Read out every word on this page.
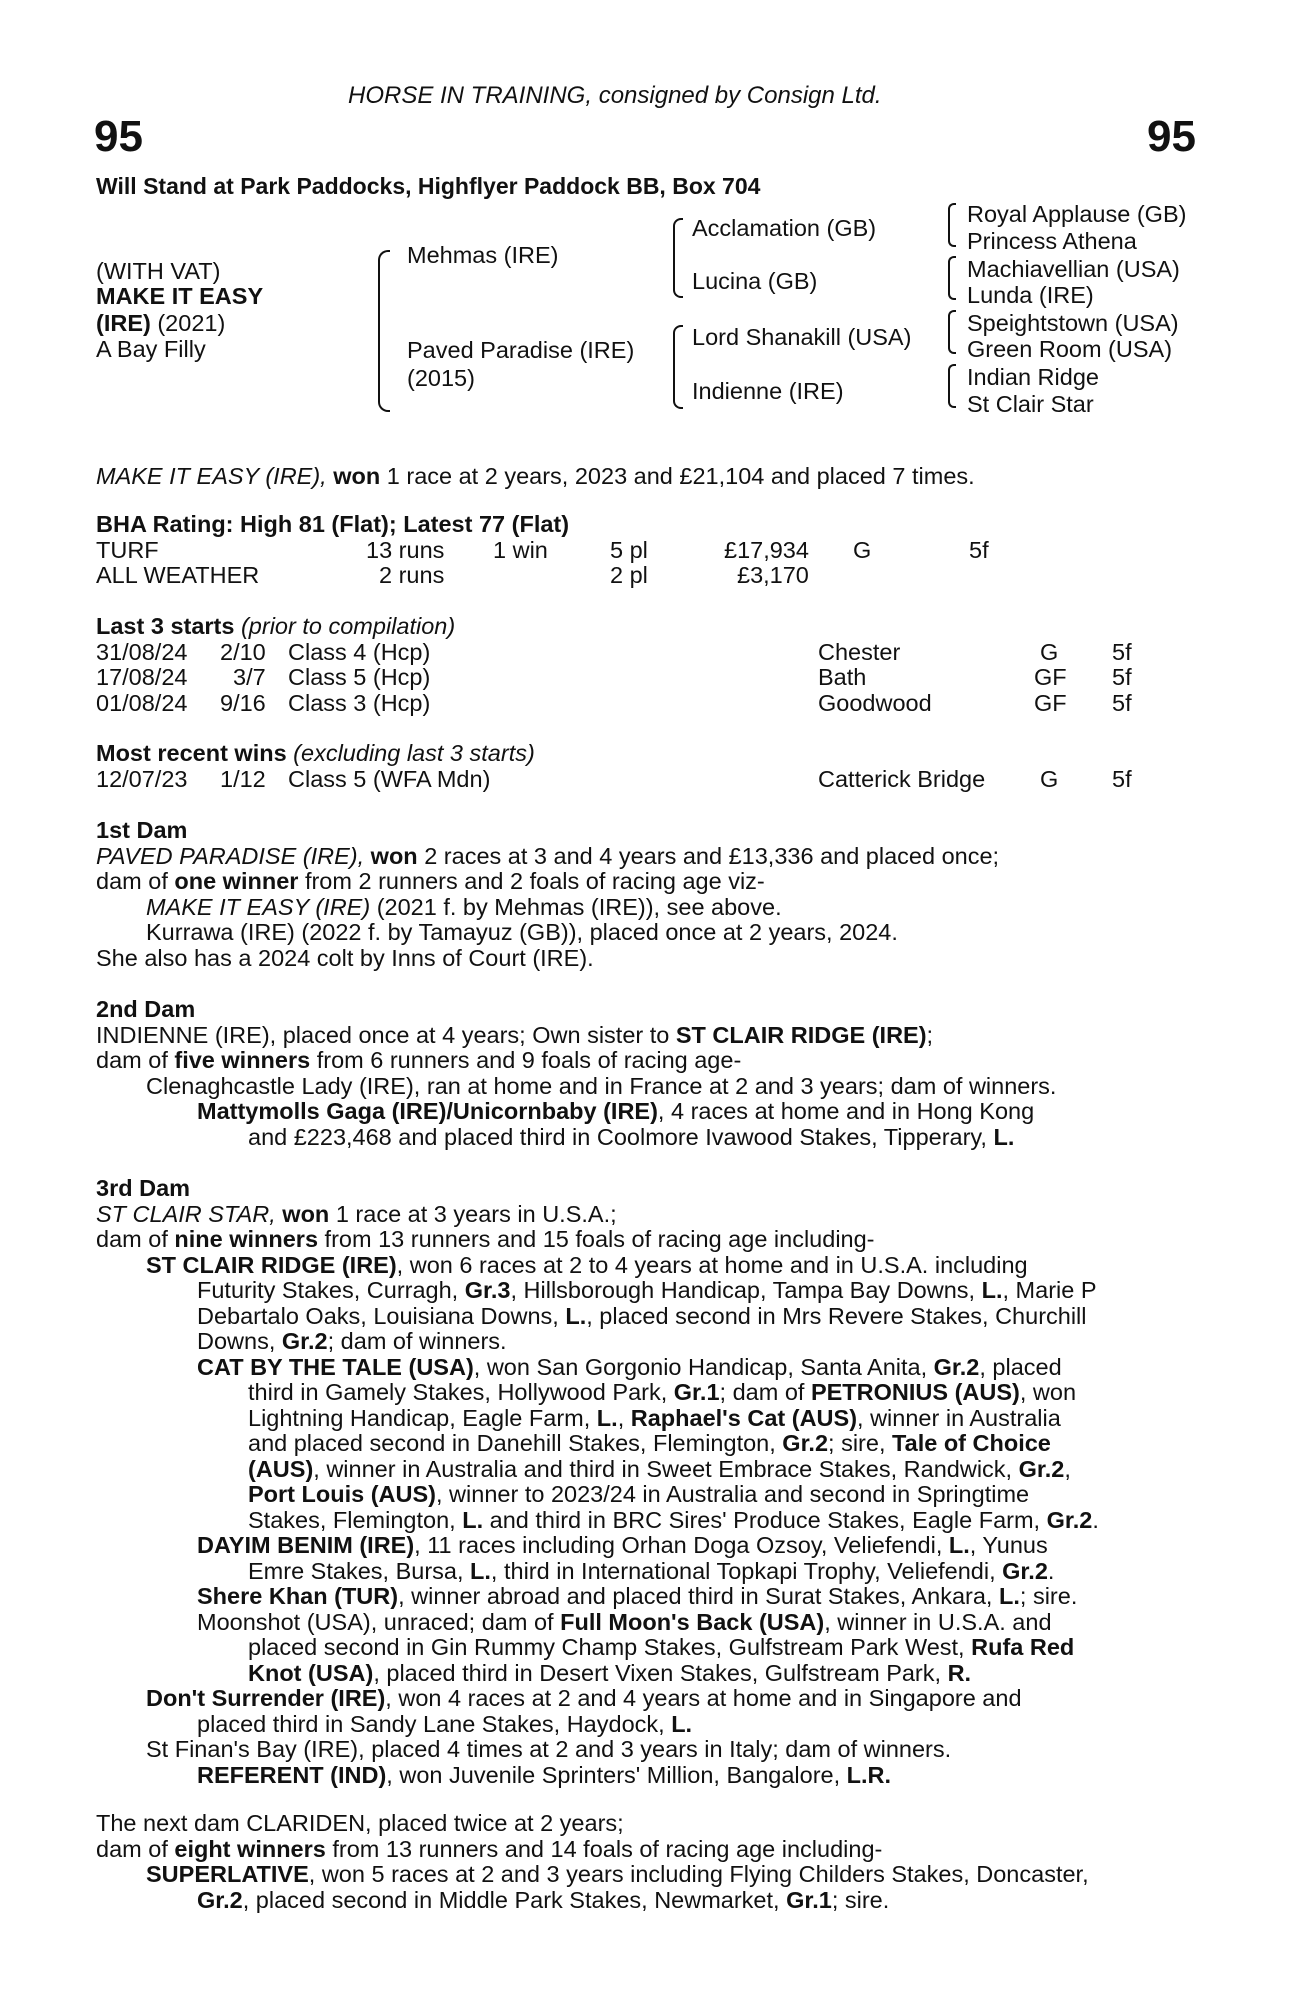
HORSE IN TRAINING, consigned by Consign Ltd.
95	95
Will Stand at Park Paddocks, Highflyer Paddock BB, Box 704
(WITH VAT)
MAKE IT EASY
(IRE) (2021)
A Bay Filly
Mehmas (IRE)
Paved Paradise (IRE)
(2015)
Acclamation (GB)
Lucina (GB)
Lord Shanakill (USA)
Indienne (IRE)
Royal Applause (GB)
Princess Athena
Machiavellian (USA)
Lunda (IRE)
Speightstown (USA)
Green Room (USA)
Indian Ridge
St Clair Star
MAKE IT EASY (IRE), won 1 race at 2 years, 2023 and £21,104 and placed 7 times.
BHA Rating: High 81 (Flat); Latest 77 (Flat)
TURF	13 runs 1 win	5 pl	£17,934 G	5f
ALL WEATHER	2 runs	2 pl	£3,170
Last 3 starts (prior to compilation)
31/08/24 2/10 Class 4 (Hcp)	Chester	G 5f
17/08/24 3/7 Class 5 (Hcp)	Bath	GF 5f
01/08/24 9/16 Class 3 (Hcp)	Goodwood	GF 5f
Most recent wins (excluding last 3 starts)
12/07/23 1/12 Class 5 (WFA Mdn)	Catterick Bridge G 5f
1st Dam
PAVED PARADISE (IRE), won 2 races at 3 and 4 years and £13,336 and placed once;
dam of one winner from 2 runners and 2 foals of racing age viz-
MAKE IT EASY (IRE) (2021 f. by Mehmas (IRE)), see above.
Kurrawa (IRE) (2022 f. by Tamayuz (GB)), placed once at 2 years, 2024.
She also has a 2024 colt by Inns of Court (IRE).
2nd Dam
INDIENNE (IRE), placed once at 4 years; Own sister to ST CLAIR RIDGE (IRE);
dam of five winners from 6 runners and 9 foals of racing age-
Clenaghcastle Lady (IRE), ran at home and in France at 2 and 3 years; dam of winners.
Mattymolls Gaga (IRE)/Unicornbaby (IRE), 4 races at home and in Hong Kong
and £223,468 and placed third in Coolmore Ivawood Stakes, Tipperary, L.
3rd Dam
ST CLAIR STAR, won 1 race at 3 years in U.S.A.;
dam of nine winners from 13 runners and 15 foals of racing age including-
ST CLAIR RIDGE (IRE), won 6 races at 2 to 4 years at home and in U.S.A. including
Futurity Stakes, Curragh, Gr.3, Hillsborough Handicap, Tampa Bay Downs, L., Marie P
Debartalo Oaks, Louisiana Downs, L., placed second in Mrs Revere Stakes, Churchill
Downs, Gr.2; dam of winners.
CAT BY THE TALE (USA), won San Gorgonio Handicap, Santa Anita, Gr.2, placed
third in Gamely Stakes, Hollywood Park, Gr.1; dam of PETRONIUS (AUS), won
Lightning Handicap, Eagle Farm, L., Raphael's Cat (AUS), winner in Australia
and placed second in Danehill Stakes, Flemington, Gr.2; sire, Tale of Choice
(AUS), winner in Australia and third in Sweet Embrace Stakes, Randwick, Gr.2,
Port Louis (AUS), winner to 2023/24 in Australia and second in Springtime
Stakes, Flemington, L. and third in BRC Sires' Produce Stakes, Eagle Farm, Gr.2.
DAYIM BENIM (IRE), 11 races including Orhan Doga Ozsoy, Veliefendi, L., Yunus
Emre Stakes, Bursa, L., third in International Topkapi Trophy, Veliefendi, Gr.2.
Shere Khan (TUR), winner abroad and placed third in Surat Stakes, Ankara, L.; sire.
Moonshot (USA), unraced; dam of Full Moon's Back (USA), winner in U.S.A. and
placed second in Gin Rummy Champ Stakes, Gulfstream Park West, Rufa Red
Knot (USA), placed third in Desert Vixen Stakes, Gulfstream Park, R.
Don't Surrender (IRE), won 4 races at 2 and 4 years at home and in Singapore and
placed third in Sandy Lane Stakes, Haydock, L.
St Finan's Bay (IRE), placed 4 times at 2 and 3 years in Italy; dam of winners.
REFERENT (IND), won Juvenile Sprinters' Million, Bangalore, L.R.
The next dam CLARIDEN, placed twice at 2 years;
dam of eight winners from 13 runners and 14 foals of racing age including-
SUPERLATIVE, won 5 races at 2 and 3 years including Flying Childers Stakes, Doncaster,
Gr.2, placed second in Middle Park Stakes, Newmarket, Gr.1; sire.
